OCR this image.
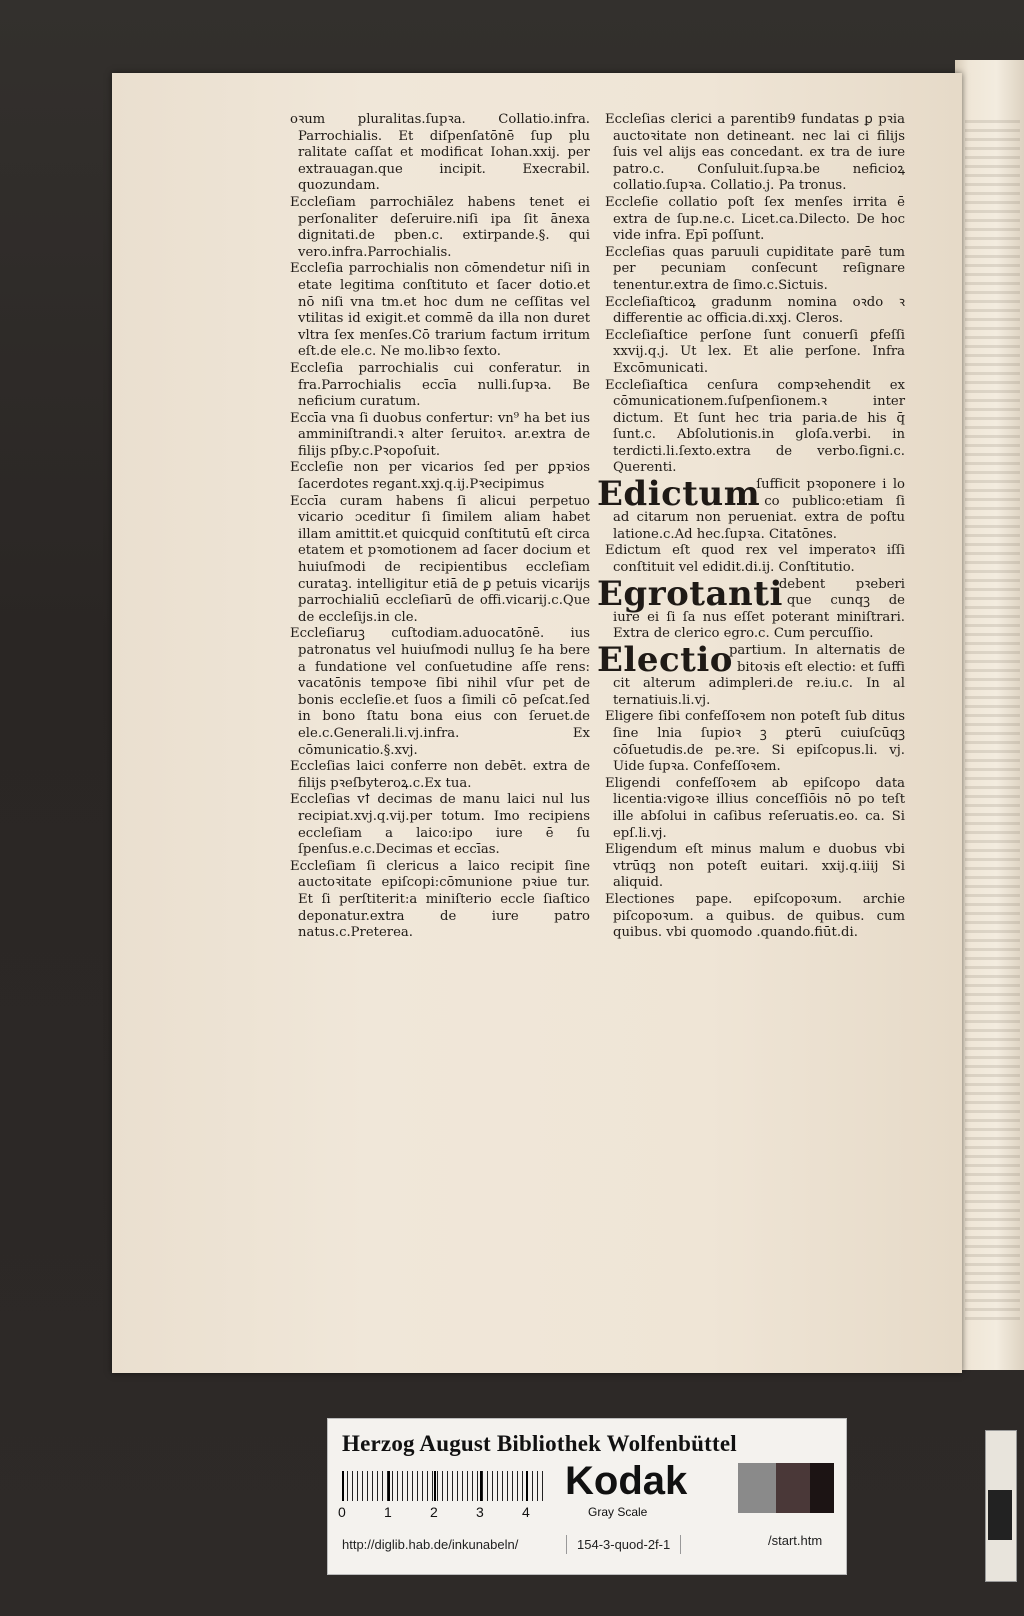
oꝛum pluralitas.ſupꝛa. Collatio.infra. Parrochialis. Et diſpenſatōnē ſup plu ralitate caſſat et modificat Iohan.xxij. per extrauagan.que incipit. Execrabil. quozundam.
Eccleſiam parrochiālez habens tenet ei perſonaliter deſeruire.niſi ipa ſit ānexa dignitati.de pben.c. extirpande.§. qui vero.infra.Parrochialis.
Eccleſia parrochialis non cōmendetur niſi in etate legitima conſtituto et ſacer dotio.et nō niſi vna tm.et hoc dum ne ceſſitas vel vtilitas id exigit.et commē da illa non duret vltra ſex menſes.Cō trarium factum irritum eſt.de ele.c. Ne mo.libꝛo ſexto.
Eccleſia parrochialis cui conferatur. in fra.Parrochialis eccīa nulli.ſupꝛa. Be neficium curatum.
Eccīa vna ſi duobus confertur: vn⁹ ha bet ius amminiſtrandi.ꝛ alter ſeruitoꝛ. ar.extra de filijs pſby.c.Pꝛopoſuit.
Eccleſie non per vicarios ſed per ꝑpꝛios ſacerdotes regant.xxj.q.ij.Pꝛecipimus
Eccīa curam habens ſi alicui perpetuo vicario ɔceditur ſi ſimilem aliam habet illam amittit.et quicquid conſtitutū eſt circa etatem et pꝛomotionem ad ſacer docium et huiuſmodi de recipientibus eccleſiam curataꝫ. intelligitur etiā de ꝑ petuis vicarijs parrochialiū eccleſiarū de offi.vicarij.c.Que de eccleſijs.in cle.
Eccleſiaruꝫ cuſtodiam.aduocatōnē. ius patronatus vel huiuſmodi nulluꝫ ſe ha bere a fundatione vel conſuetudine aſſe rens: vacatōnis tempoꝛe ſibi nihil vſur pet de bonis eccleſie.et ſuos a ſimili cō peſcat.ſed in bono ſtatu bona eius con ſeruet.de ele.c.Generali.li.vj.infra. Ex cōmunicatio.§.xvj.
Eccleſias laici conferre non debēt. extra de filijs pꝛeſbyteroꝝ.c.Ex tua.
Eccleſias vꝉ decimas de manu laici nul lus recipiat.xvj.q.vij.per totum. Imo recipiens eccleſiam a laico:ipo iure ē ſu ſpenſus.e.c.Decimas et eccīas.
Eccleſiam ſi clericus a laico recipit ſine auctoꝛitate epiſcopi:cōmunione pꝛiue tur. Et ſi perſtiterit:a miniſterio eccle ſiaſtico deponatur.extra de iure patro natus.c.Preterea.
Eccleſias clerici a parentib9 fundatas ꝑ pꝛia auctoꝛitate non detineant. nec lai ci filijs ſuis vel alijs eas concedant. ex tra de iure patro.c. Conſuluit.ſupꝛa.be neficioꝝ collatio.ſupꝛa. Collatio.j. Pa tronus.
Eccleſie collatio poſt ſex menſes irrita ē extra de ſup.ne.c. Licet.ca.Dilecto. De hoc vide infra. Epī poſſunt.
Eccleſias quas paruuli cupiditate parē tum per pecuniam conſecunt reſignare tenentur.extra de ſimo.c.Sictuis.
Eccleſiaſticoꝝ gradunm nomina oꝛdo ꝛ differentie ac officia.di.xxj. Cleros.
Eccleſiaſtice perſone ſunt conuerſi ꝑfeſſi xxvij.q.j. Ut lex. Et alie perſone. Infra Excōmunicati.
Eccleſiaſtica cenſura compꝛehendit ex cōmunicationem.ſuſpenſionem.ꝛ inter dictum. Et ſunt hec tria paria.de his q̄ ſunt.c. Abſolutionis.in gloſa.verbi. in terdicti.li.ſexto.extra de verbo.ſigni.c. Querenti.
Edictum
ſufficit pꝛoponere i lo co publico:etiam ſi ad citarum non perueniat. extra de poſtu latione.c.Ad hec.ſupꝛa. Citatōnes.
Edictum eſt quod rex vel imperatoꝛ iſſi conſtituit vel edidit.di.ij. Conſtitutio.
Egrotanti
debent pꝛeberi que cunqꝫ de iure ei ſi ſa nus eſſet poterant miniſtrari. Extra de clerico egro.c. Cum percuſſio.
Electio
partium. In alternatis de bitoꝛis eſt electio: et ſuffi cit alterum adimpleri.de re.iu.c. In al ternatiuis.li.vj.
Eligere ſibi confeſſoꝛem non poteſt ſub ditus ſine lnia ſupioꝛ ꝫ ꝑterū cuiuſcūqꝫ cōſuetudis.de pe.ꝛre. Si epiſcopus.li. vj. Uide ſupꝛa. Confeſſoꝛem.
Eligendi confeſſoꝛem ab epiſcopo data licentia:vigoꝛe illius conceſſiōis nō po teſt ille abſolui in caſibus reſeruatis.eo. ca. Si epſ.li.vj.
Eligendum eſt minus malum e duobus vbi vtrūqꝫ non poteſt euitari. xxij.q.iiij Si aliquid.
Electiones pape. epiſcopoꝛum. archie piſcopoꝛum. a quibus. de quibus. cum quibus. vbi quomodo .quando.fiūt.di.
Herzog August Bibliothek Wolfenbüttel
0	1	2	3	4
Kodak
Gray Scale
http://diglib.hab.de/inkunabeln/	154-3-quod-2f-1	/start.htm
